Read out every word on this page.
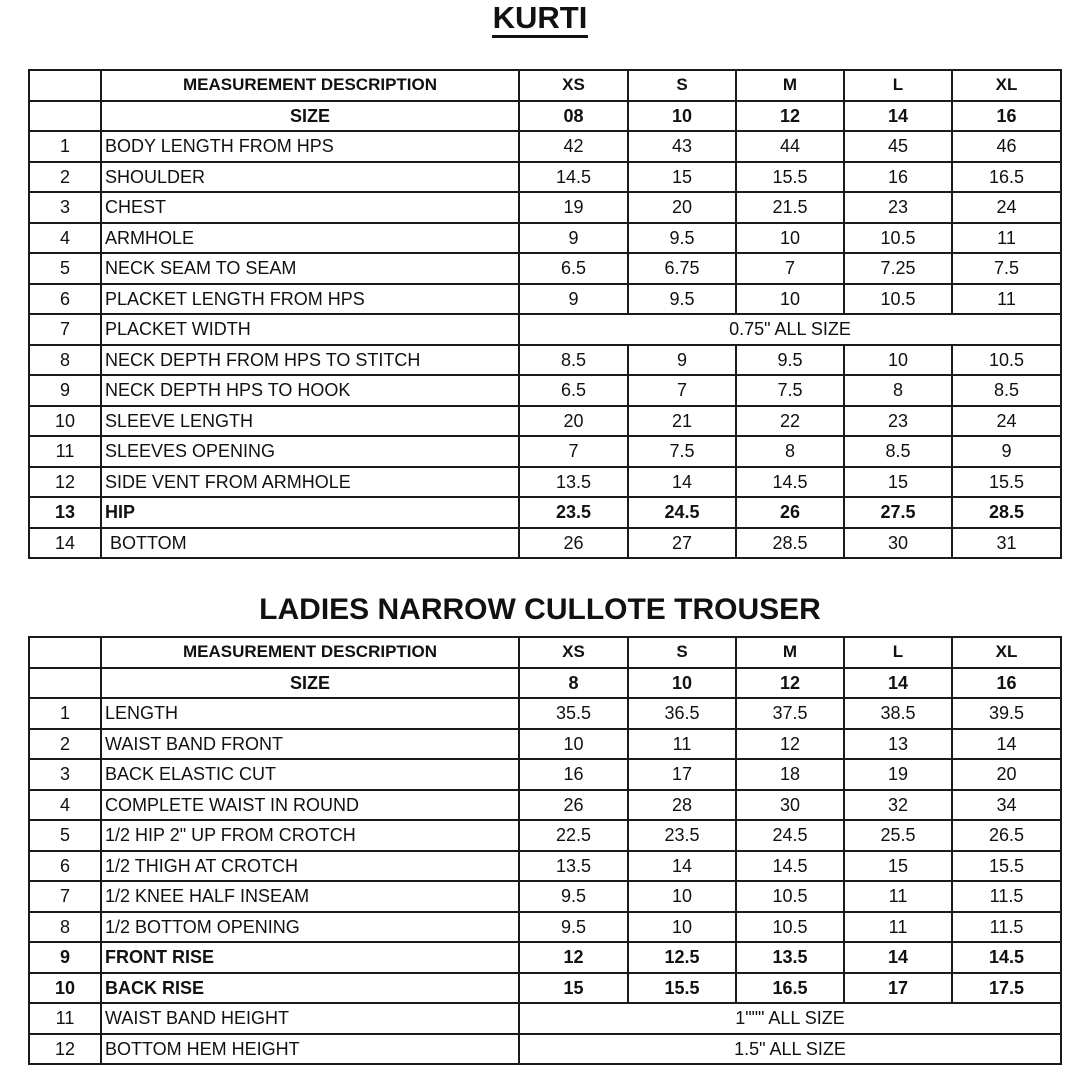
KURTI
	MEASUREMENT DESCRIPTION	XS	S	M	L	XL
	SIZE	08	10	12	14	16
1	BODY LENGTH FROM HPS	42	43	44	45	46
2	SHOULDER	14.5	15	15.5	16	16.5
3	CHEST	19	20	21.5	23	24
4	ARMHOLE	9	9.5	10	10.5	11
5	NECK SEAM TO SEAM	6.5	6.75	7	7.25	7.5
6	PLACKET LENGTH FROM HPS	9	9.5	10	10.5	11
7	PLACKET WIDTH	0.75" ALL SIZE				
8	NECK DEPTH FROM HPS TO STITCH	8.5	9	9.5	10	10.5
9	NECK DEPTH HPS TO HOOK	6.5	7	7.5	8	8.5
10	SLEEVE LENGTH	20	21	22	23	24
11	SLEEVES OPENING	7	7.5	8	8.5	9
12	SIDE VENT FROM ARMHOLE	13.5	14	14.5	15	15.5
13	HIP	23.5	24.5	26	27.5	28.5
14	BOTTOM	26	27	28.5	30	31
LADIES NARROW CULLOTE TROUSER
	MEASUREMENT DESCRIPTION	XS	S	M	L	XL
	SIZE	8	10	12	14	16
1	LENGTH	35.5	36.5	37.5	38.5	39.5
2	WAIST BAND FRONT	10	11	12	13	14
3	BACK ELASTIC CUT	16	17	18	19	20
4	COMPLETE WAIST IN ROUND	26	28	30	32	34
5	1/2 HIP 2" UP FROM CROTCH	22.5	23.5	24.5	25.5	26.5
6	1/2 THIGH AT CROTCH	13.5	14	14.5	15	15.5
7	1/2 KNEE HALF INSEAM	9.5	10	10.5	11	11.5
8	1/2 BOTTOM OPENING	9.5	10	10.5	11	11.5
9	FRONT RISE	12	12.5	13.5	14	14.5
10	BACK RISE	15	15.5	16.5	17	17.5
11	WAIST BAND HEIGHT	1""" ALL SIZE				
12	BOTTOM HEM HEIGHT	1.5" ALL SIZE				
